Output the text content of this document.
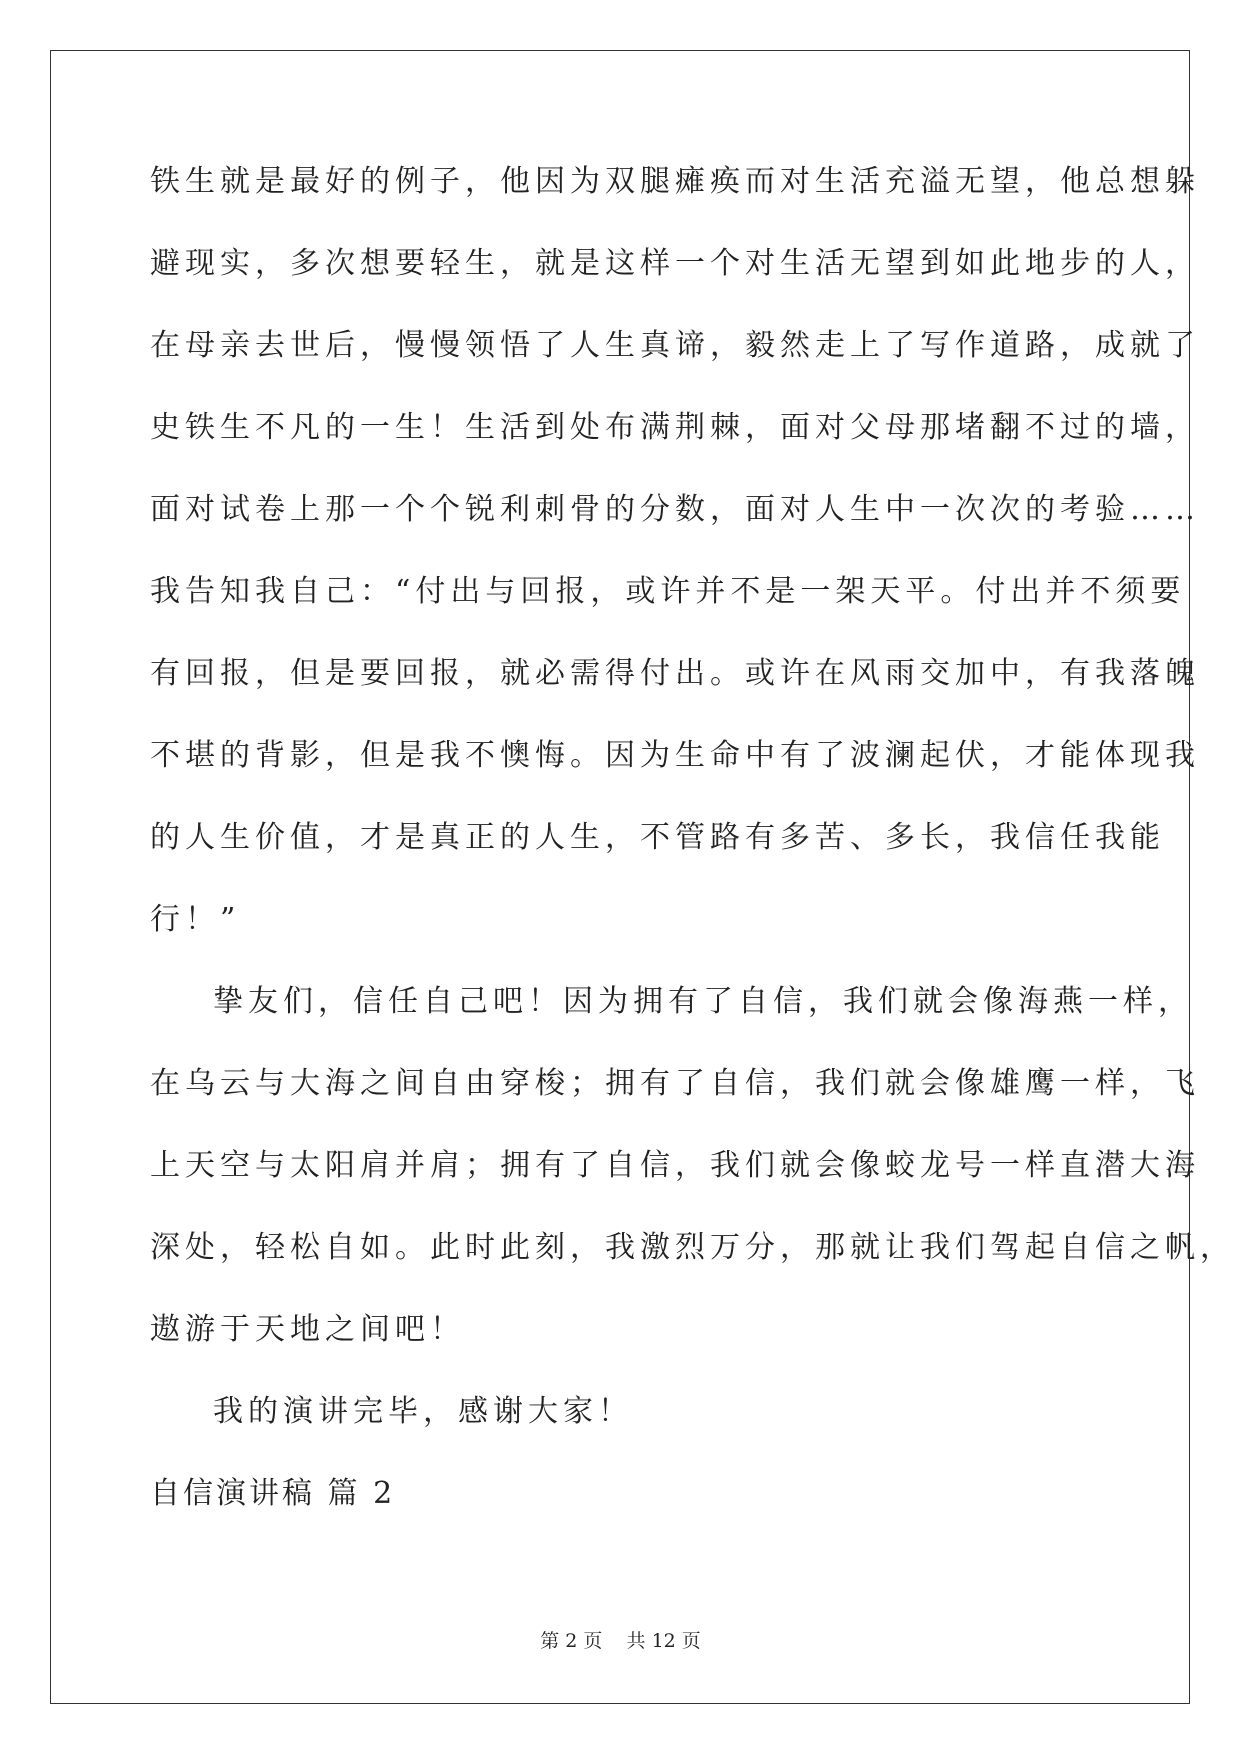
铁生就是最好的例子，他因为双腿瘫痪而对生活充溢无望，他总想躲
避现实，多次想要轻生，就是这样一个对生活无望到如此地步的人，
在母亲去世后，慢慢领悟了人生真谛，毅然走上了写作道路，成就了
史铁生不凡的一生！生活到处布满荆棘，面对父母那堵翻不过的墙，
面对试卷上那一个个锐利刺骨的分数，面对人生中一次次的考验……
我告知我自己：“付出与回报，或许并不是一架天平。付出并不须要
有回报，但是要回报，就必需得付出。或许在风雨交加中，有我落魄
不堪的背影，但是我不懊悔。因为生命中有了波澜起伏，才能体现我
的人生价值，才是真正的人生，不管路有多苦、多长，我信任我能
行！”
挚友们，信任自己吧！因为拥有了自信，我们就会像海燕一样，
在乌云与大海之间自由穿梭；拥有了自信，我们就会像雄鹰一样，飞
上天空与太阳肩并肩；拥有了自信，我们就会像蛟龙号一样直潜大海
深处，轻松自如。此时此刻，我激烈万分，那就让我们驾起自信之帆，
遨游于天地之间吧！
我的演讲完毕，感谢大家！
自信演讲稿 篇 2
第 2 页    共 12 页
